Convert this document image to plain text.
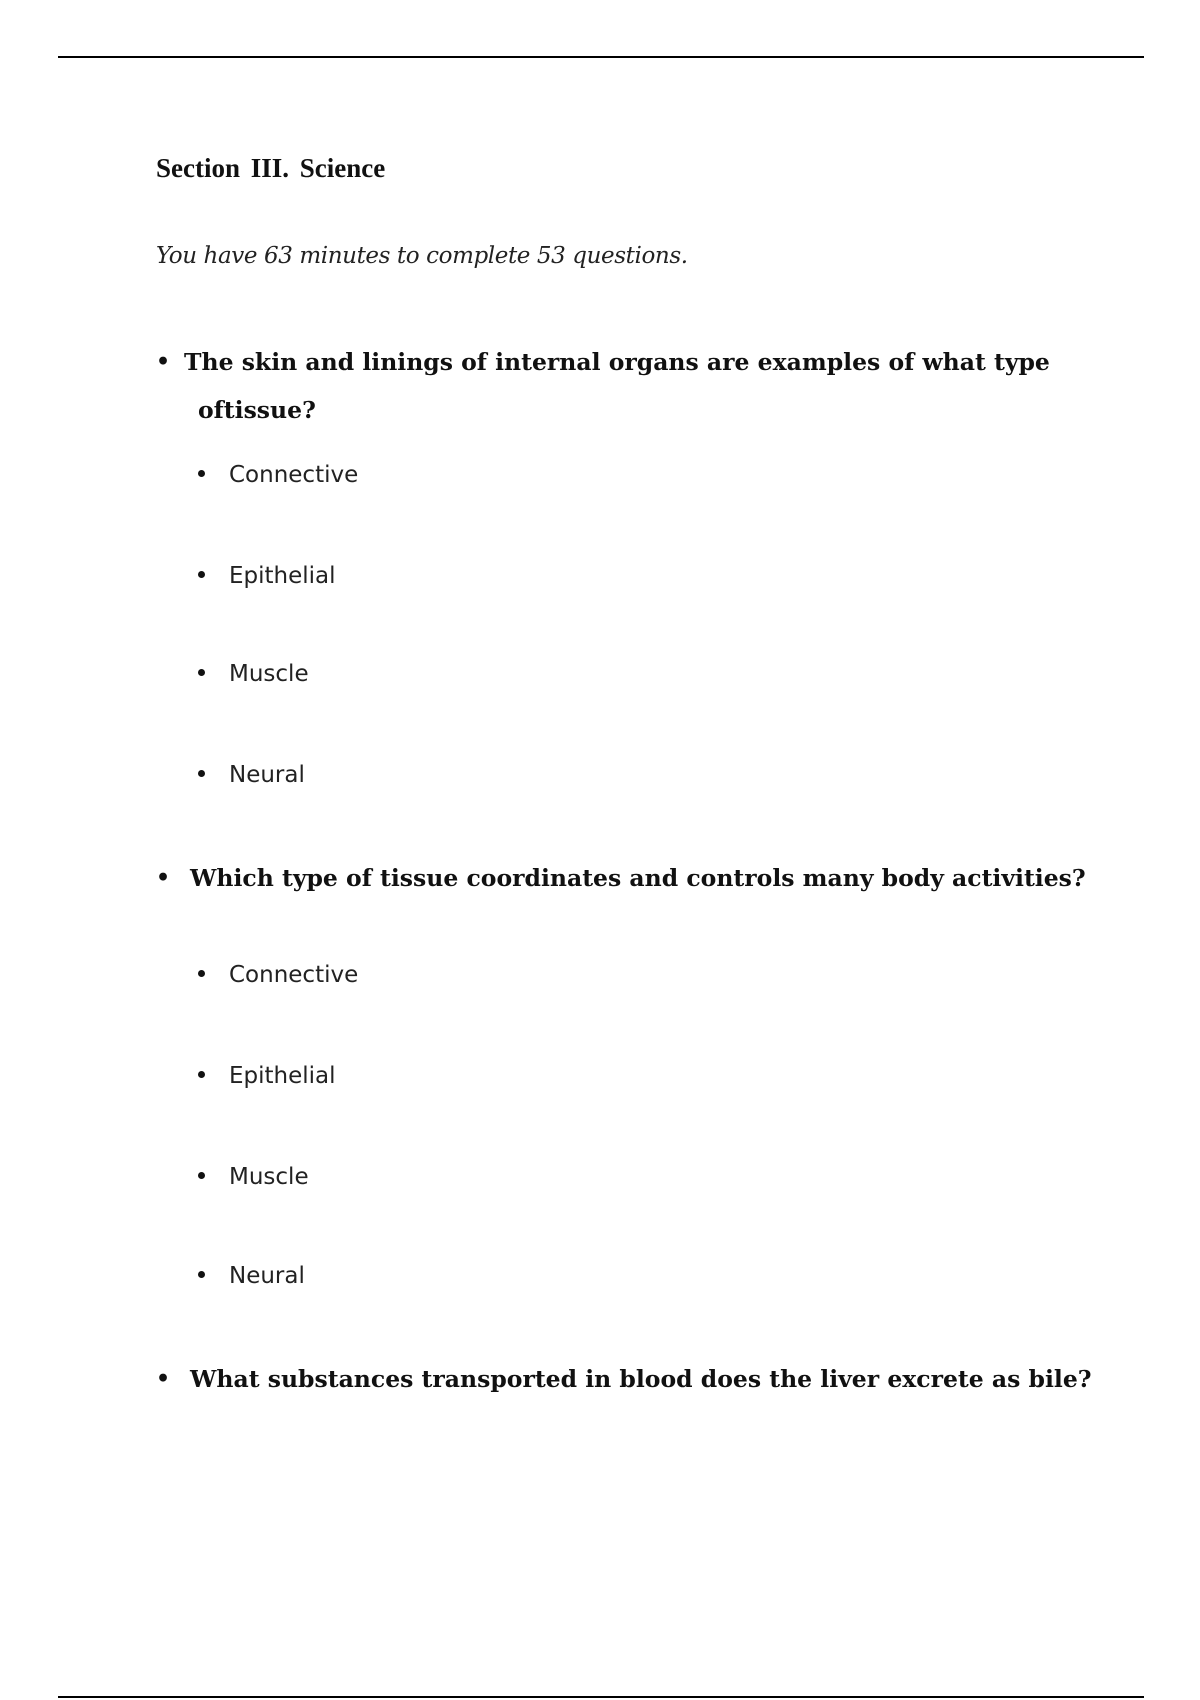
Section III. Science
You have 63 minutes to complete 53 questions.
• The skin and linings of internal organs are examples of what type
oftissue?
Connective
Epithelial
Muscle
Neural
• Which type of tissue coordinates and controls many body activities?
Connective
Epithelial
Muscle
Neural
• What substances transported in blood does the liver excrete as bile?
